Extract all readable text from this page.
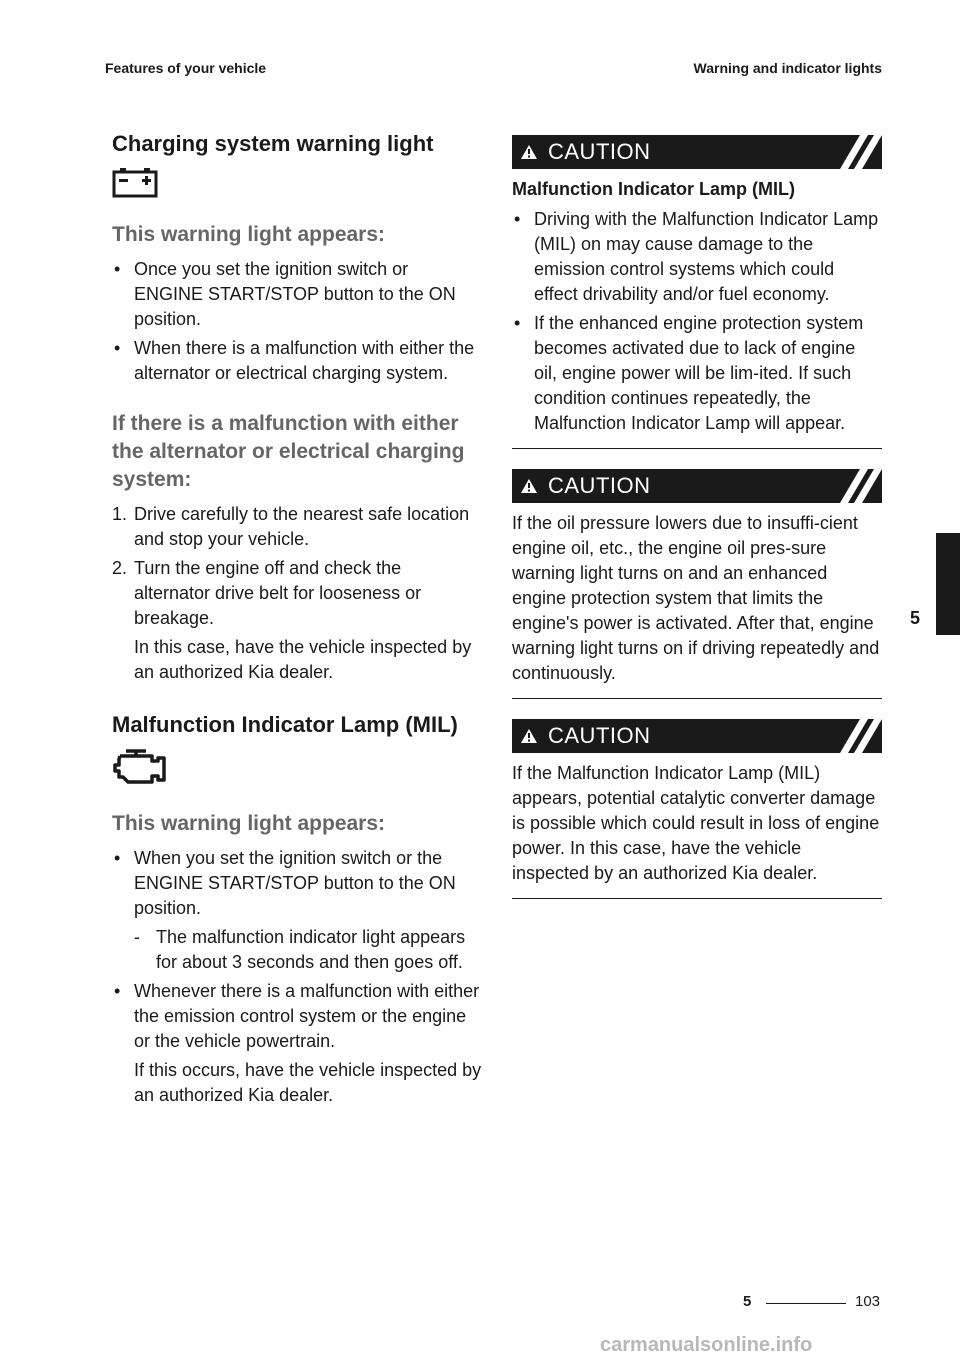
Features of your vehicle	Warning and indicator lights
Charging system warning light
This warning light appears:
• Once you set the ignition switch or ENGINE START/STOP button to the ON position.
• When there is a malfunction with either the alternator or electrical charging system.
If there is a malfunction with either the alternator or electrical charging system:
1. Drive carefully to the nearest safe location and stop your vehicle.
2. Turn the engine off and check the alternator drive belt for looseness or breakage.
In this case, have the vehicle inspected by an authorized Kia dealer.
Malfunction Indicator Lamp (MIL)
This warning light appears:
• When you set the ignition switch or the ENGINE START/STOP button to the ON position.
- The malfunction indicator light appears for about 3 seconds and then goes off.
• Whenever there is a malfunction with either the emission control system or the engine or the vehicle powertrain.
If this occurs, have the vehicle inspected by an authorized Kia dealer.
CAUTION
Malfunction Indicator Lamp (MIL)
• Driving with the Malfunction Indicator Lamp (MIL) on may cause damage to the emission control systems which could effect drivability and/or fuel economy.
• If the enhanced engine protection system becomes activated due to lack of engine oil, engine power will be lim-ited. If such condition continues repeatedly, the Malfunction Indicator Lamp will appear.
CAUTION
If the oil pressure lowers due to insuffi-cient engine oil, etc., the engine oil pres-sure warning light turns on and an enhanced engine protection system that limits the engine's power is activated. After that, engine warning light turns on if driving repeatedly and continuously.
CAUTION
If the Malfunction Indicator Lamp (MIL) appears, potential catalytic converter damage is possible which could result in loss of engine power. In this case, have the vehicle inspected by an authorized Kia dealer.
5
5	103
carmanualsonline.info
